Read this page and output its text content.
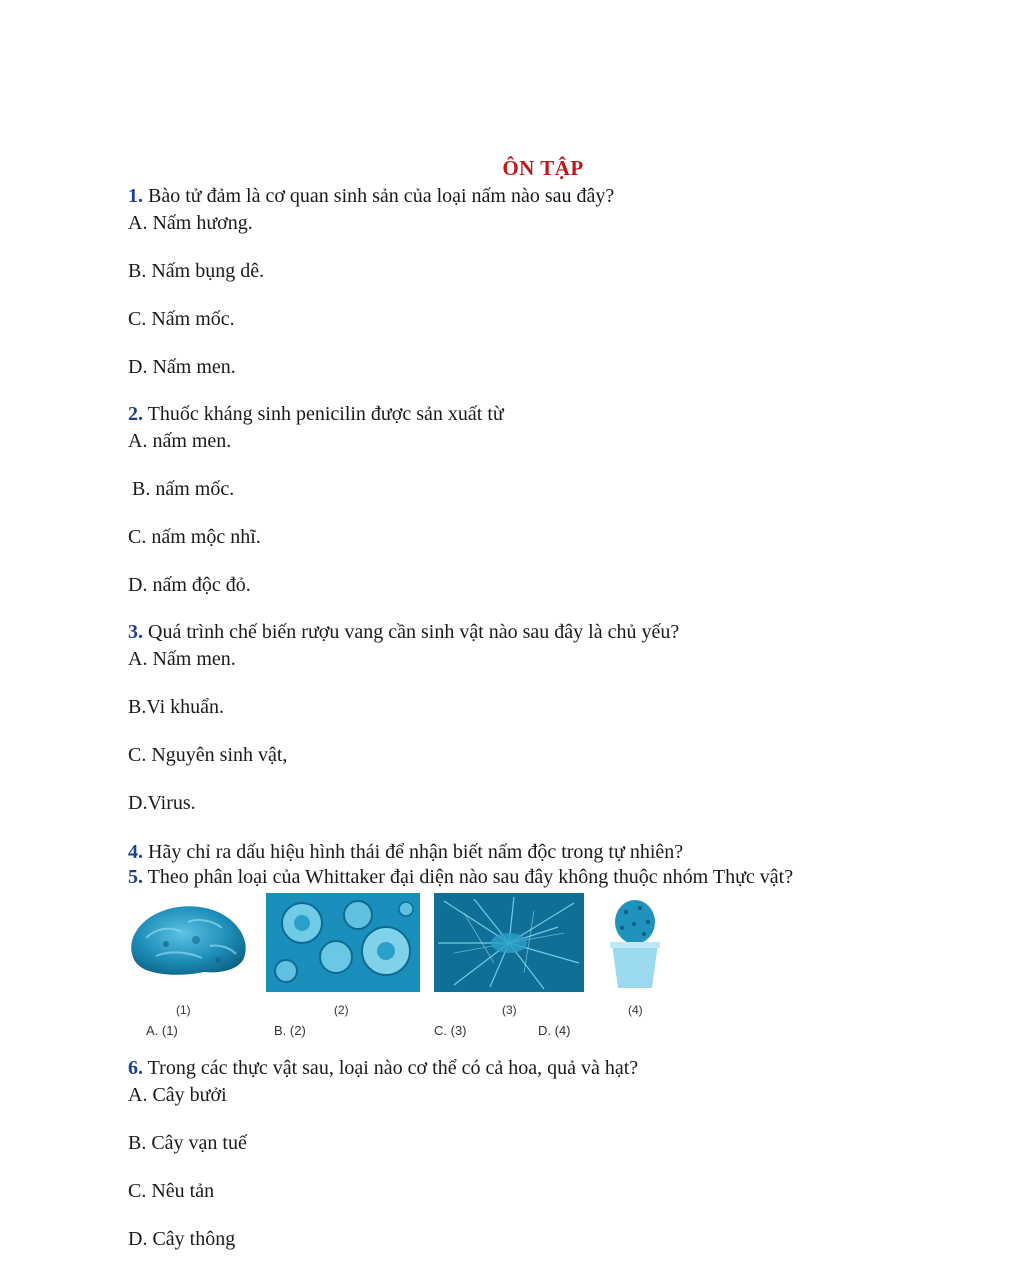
ÔN TẬP
1. Bào tử đảm là cơ quan sinh sản của loại nấm nào sau đây?
A. Nấm hương.
B. Nấm bụng dê.
C. Nấm mốc.
D. Nấm men.
2. Thuốc kháng sinh penicilin được sản xuất từ
A. nấm men.
B. nấm mốc.
C. nấm mộc nhĩ.
D. nấm độc đỏ.
3. Quá trình chế biến rượu vang cần sinh vật nào sau đây là chủ yếu?
A. Nấm men.
B.Vi khuẩn.
C. Nguyên sinh vật,
D.Virus.
4. Hãy chỉ ra dấu hiệu hình thái để nhận biết nấm độc trong tự nhiên?
5. Theo phân loại của Whittaker đại diện nào sau đây không thuộc nhóm Thực vật?
(1)	(2)	(3)	(4)
A. (1)	B. (2)	C. (3)	D. (4)
6. Trong các thực vật sau, loại nào cơ thể có cả hoa, quả và hạt?
A. Cây bưởi
B. Cây vạn tuế
C. Nêu tản
D. Cây thông
